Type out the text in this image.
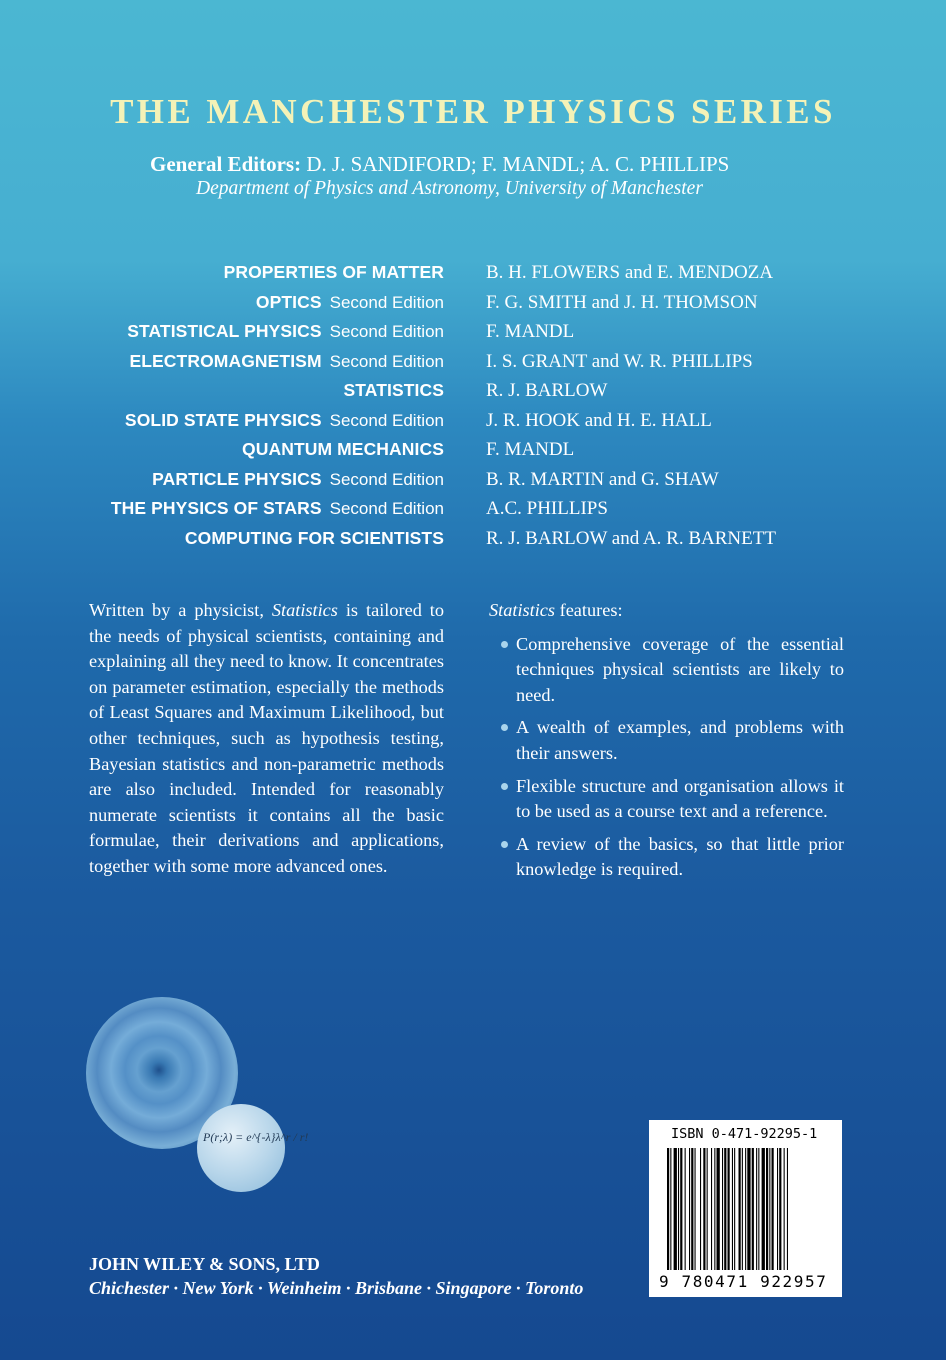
THE MANCHESTER PHYSICS SERIES
General Editors: D. J. SANDIFORD; F. MANDL; A. C. PHILLIPS
Department of Physics and Astronomy, University of Manchester
PROPERTIES OF MATTER B. H. FLOWERS and E. MENDOZA
OPTICS Second Edition F. G. SMITH and J. H. THOMSON
STATISTICAL PHYSICS Second Edition F. MANDL
ELECTROMAGNETISM Second Edition I. S. GRANT and W. R. PHILLIPS
STATISTICS R. J. BARLOW
SOLID STATE PHYSICS Second Edition J. R. HOOK and H. E. HALL
QUANTUM MECHANICS F. MANDL
PARTICLE PHYSICS Second Edition B. R. MARTIN and G. SHAW
THE PHYSICS OF STARS Second Edition A.C. PHILLIPS
COMPUTING FOR SCIENTISTS R. J. BARLOW and A. R. BARNETT
Written by a physicist, Statistics is tailored to the needs of physical scientists, containing and explaining all they need to know. It concentrates on parameter estimation, especially the methods of Least Squares and Maximum Likelihood, but other techniques, such as hypothesis testing, Bayesian statistics and non-parametric methods are also included. Intended for reasonably numerate scientists it contains all the basic formulae, their derivations and applications, together with some more advanced ones.
Statistics features:
Comprehensive coverage of the essential techniques physical scientists are likely to need.
A wealth of examples, and problems with their answers.
Flexible structure and organisation allows it to be used as a course text and a reference.
A review of the basics, so that little prior knowledge is required.
P(r;λ) = e^{-λ}λ^r / r!	ISBN 0-471-92295-1
9 780471 922957
JOHN WILEY & SONS, LTD
Chichester · New York · Weinheim · Brisbane · Singapore · Toronto
